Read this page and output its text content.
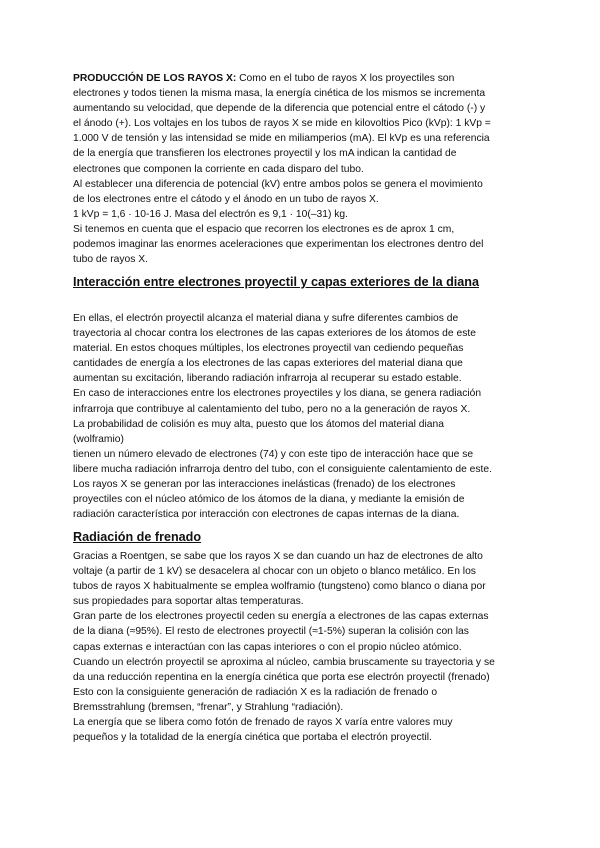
PRODUCCIÓN DE LOS RAYOS X: Como en el tubo de rayos X los proyectiles son
electrones y todos tienen la misma masa, la energía cinética de los mismos se incrementa
aumentando su velocidad, que depende de la diferencia que potencial entre el cátodo (-) y
el ánodo (+). Los voltajes en los tubos de rayos X se mide en kilovoltios Pico (kVp): 1 kVp =
1.000 V de tensión y las intensidad se mide en miliamperios (mA). El kVp es una referencia
de la energía que transfieren los electrones proyectil y los mA indican la cantidad de
electrones que componen la corriente en cada disparo del tubo.
Al establecer una diferencia de potencial (kV) entre ambos polos se genera el movimiento
de los electrones entre el cátodo y el ánodo en un tubo de rayos X.
1 kVp = 1,6 · 10-16 J. Masa del electrón es 9,1 · 10(–31) kg.
Si tenemos en cuenta que el espacio que recorren los electrones es de aprox 1 cm,
podemos imaginar las enormes aceleraciones que experimentan los electrones dentro del
tubo de rayos X.
Interacción entre electrones proyectil y capas exteriores de la diana
En ellas, el electrón proyectil alcanza el material diana y sufre diferentes cambios de
trayectoria al chocar contra los electrones de las capas exteriores de los átomos de este
material. En estos choques múltiples, los electrones proyectil van cediendo pequeñas
cantidades de energía a los electrones de las capas exteriores del material diana que
aumentan su excitación, liberando radiación infrarroja al recuperar su estado estable.
En caso de interacciones entre los electrones proyectiles y los diana, se genera radiación
infrarroja que contribuye al calentamiento del tubo, pero no a la generación de rayos X.
La probabilidad de colisión es muy alta, puesto que los átomos del material diana
(wolframio)
tienen un número elevado de electrones (74) y con este tipo de interacción hace que se
libere mucha radiación infrarroja dentro del tubo, con el consiguiente calentamiento de este.
Los rayos X se generan por las interacciones inelásticas (frenado) de los electrones
proyectiles con el núcleo atómico de los átomos de la diana, y mediante la emisión de
radiación característica por interacción con electrones de capas internas de la diana.
Radiación de frenado
Gracias a Roentgen, se sabe que los rayos X se dan cuando un haz de electrones de alto
voltaje (a partir de 1 kV) se desacelera al chocar con un objeto o blanco metálico. En los
tubos de rayos X habitualmente se emplea wolframio (tungsteno) como blanco o diana por
sus propiedades para soportar altas temperaturas.
Gran parte de los electrones proyectil ceden su energía a electrones de las capas externas
de la diana (≈95%). El resto de electrones proyectil (≈1-5%) superan la colisión con las
capas externas e interactúan con las capas interiores o con el propio núcleo atómico.
Cuando un electrón proyectil se aproxima al núcleo, cambia bruscamente su trayectoria y se
da una reducción repentina en la energía cinética que porta ese electrón proyectil (frenado)
Esto con la consiguiente generación de radiación X es la radiación de frenado o
Bremsstrahlung (bremsen, “frenar”, y Strahlung “radiación).
La energía que se libera como fotón de frenado de rayos X varía entre valores muy
pequeños y la totalidad de la energía cinética que portaba el electrón proyectil.
